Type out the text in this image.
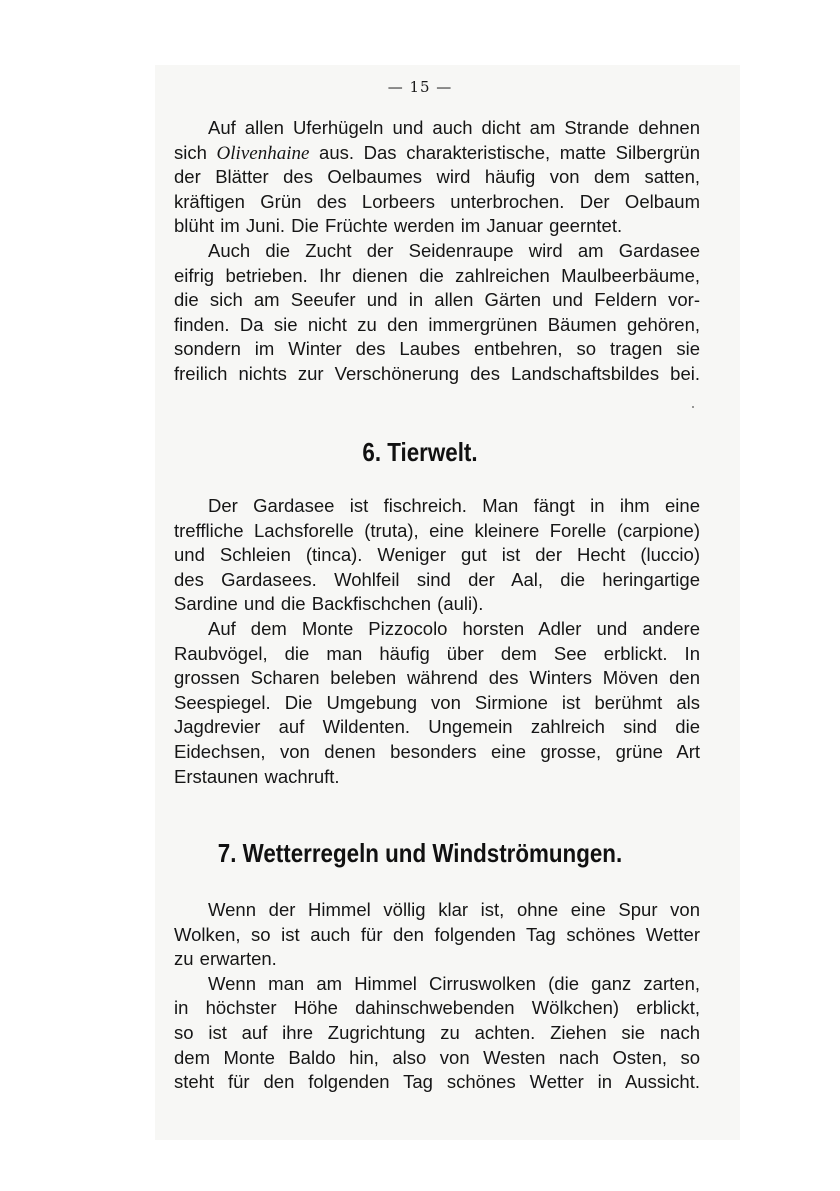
— 15 —
Auf allen Uferhügeln und auch dicht am Strande dehnen
sich Olivenhaine aus. Das charakteristische, matte Silbergrün
der Blätter des Oelbaumes wird häufig von dem satten,
kräftigen Grün des Lorbeers unterbrochen. Der Oelbaum
blüht im Juni. Die Früchte werden im Januar geerntet.
Auch die Zucht der Seidenraupe wird am Gardasee
eifrig betrieben. Ihr dienen die zahlreichen Maulbeerbäume,
die sich am Seeufer und in allen Gärten und Feldern vor-
finden. Da sie nicht zu den immergrünen Bäumen gehören,
sondern im Winter des Laubes entbehren, so tragen sie
freilich nichts zur Verschönerung des Landschaftsbildes bei.
6. Tierwelt.
Der Gardasee ist fischreich. Man fängt in ihm eine
treffliche Lachsforelle (truta), eine kleinere Forelle (carpione)
und Schleien (tinca). Weniger gut ist der Hecht (luccio)
des Gardasees. Wohlfeil sind der Aal, die heringartige
Sardine und die Backfischchen (auli).
Auf dem Monte Pizzocolo horsten Adler und andere
Raubvögel, die man häufig über dem See erblickt. In
grossen Scharen beleben während des Winters Möven den
Seespiegel. Die Umgebung von Sirmione ist berühmt als
Jagdrevier auf Wildenten. Ungemein zahlreich sind die
Eidechsen, von denen besonders eine grosse, grüne Art
Erstaunen wachruft.
7. Wetterregeln und Windströmungen.
Wenn der Himmel völlig klar ist, ohne eine Spur von
Wolken, so ist auch für den folgenden Tag schönes Wetter
zu erwarten.
Wenn man am Himmel Cirruswolken (die ganz zarten,
in höchster Höhe dahinschwebenden Wölkchen) erblickt,
so ist auf ihre Zugrichtung zu achten. Ziehen sie nach
dem Monte Baldo hin, also von Westen nach Osten, so
steht für den folgenden Tag schönes Wetter in Aussicht.
